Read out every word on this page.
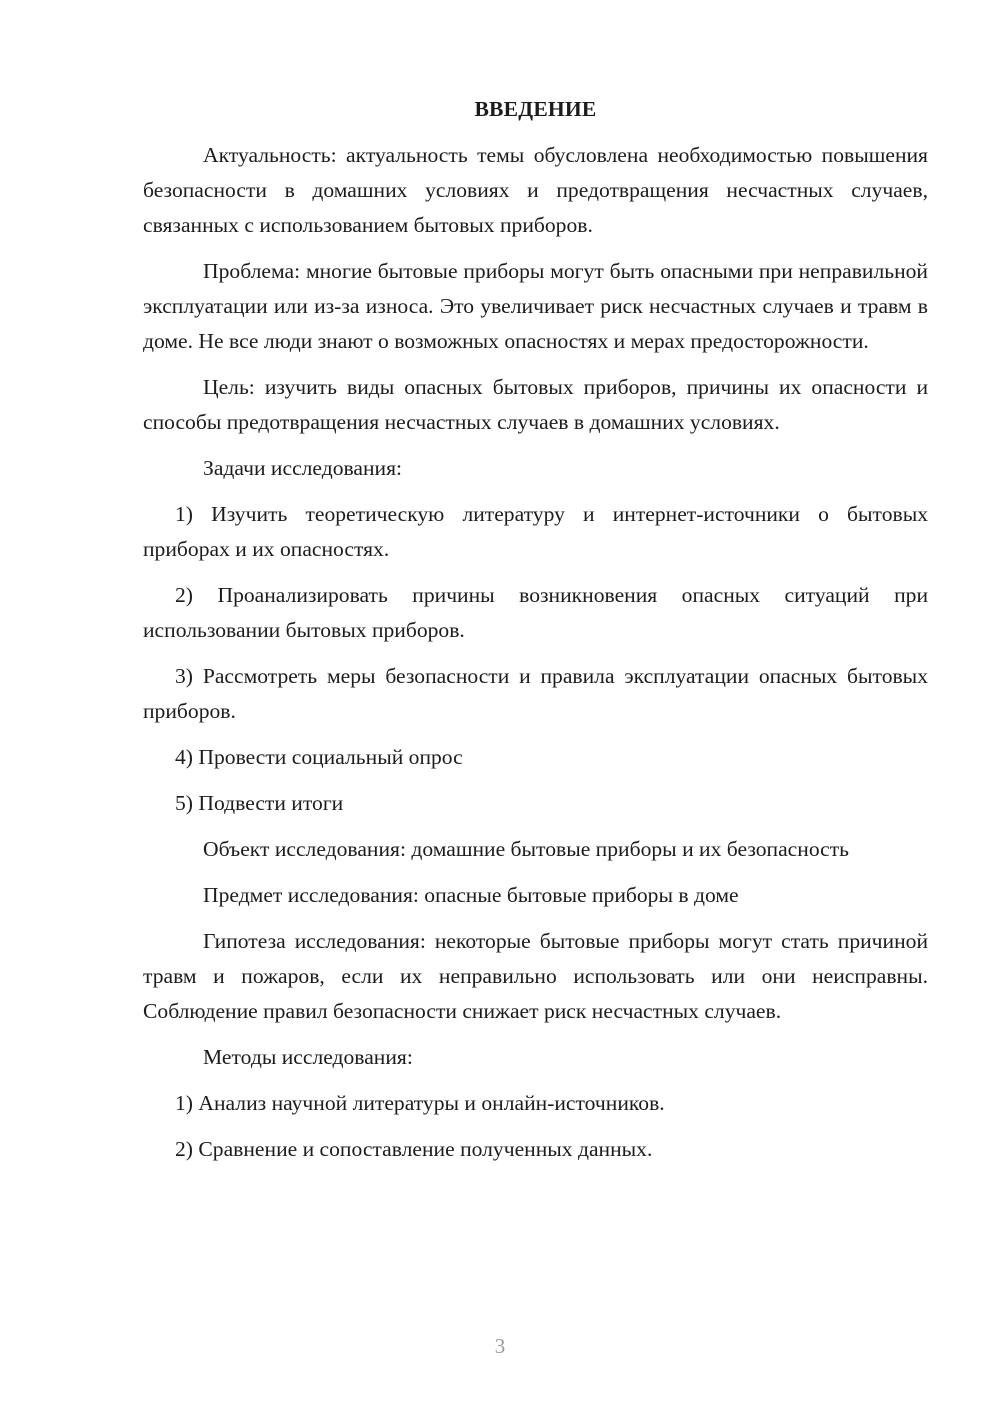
ВВЕДЕНИЕ

Актуальность: актуальность темы обусловлена необходимостью повышения безопасности в домашних условиях и предотвращения несчастных случаев, связанных с использованием бытовых приборов.

Проблема: многие бытовые приборы могут быть опасными при неправильной эксплуатации или из-за износа. Это увеличивает риск несчастных случаев и травм в доме. Не все люди знают о возможных опасностях и мерах предосторожности.

Цель: изучить виды опасных бытовых приборов, причины их опасности и способы предотвращения несчастных случаев в домашних условиях.

Задачи исследования:

1) Изучить теоретическую литературу и интернет-источники о бытовых приборах и их опасностях.

2) Проанализировать причины возникновения опасных ситуаций при использовании бытовых приборов.

3) Рассмотреть меры безопасности и правила эксплуатации опасных бытовых приборов.

4) Провести социальный опрос

5) Подвести итоги

Объект исследования: домашние бытовые приборы и их безопасность

Предмет исследования: опасные бытовые приборы в доме

Гипотеза исследования: некоторые бытовые приборы могут стать причиной травм и пожаров, если их неправильно использовать или они неисправны. Соблюдение правил безопасности снижает риск несчастных случаев.

Методы исследования:

1) Анализ научной литературы и онлайн-источников.

2) Сравнение и сопоставление полученных данных.

3
